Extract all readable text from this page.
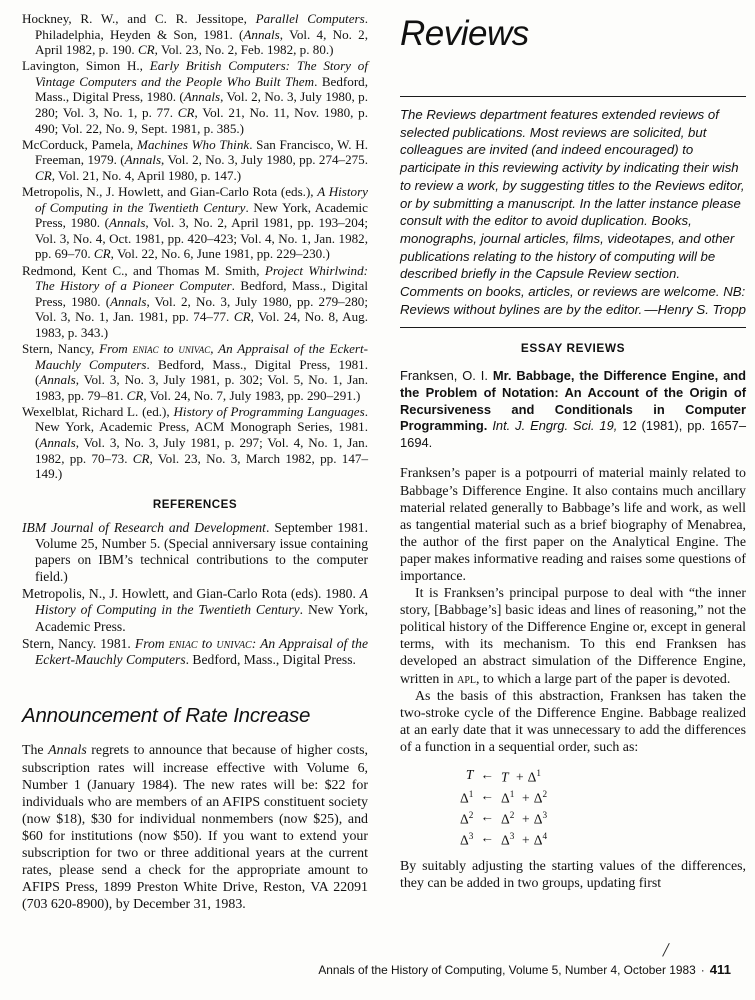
Hockney, R. W., and C. R. Jessitope, Parallel Computers. Philadelphia, Heyden & Son, 1981. (Annals, Vol. 4, No. 2, April 1982, p. 190. CR, Vol. 23, No. 2, Feb. 1982, p. 80.)

Lavington, Simon H., Early British Computers: The Story of Vintage Computers and the People Who Built Them. Bedford, Mass., Digital Press, 1980. (Annals, Vol. 2, No. 3, July 1980, p. 280; Vol. 3, No. 1, p. 77. CR, Vol. 21, No. 11, Nov. 1980, p. 490; Vol. 22, No. 9, Sept. 1981, p. 385.)

McCorduck, Pamela, Machines Who Think. San Francisco, W. H. Freeman, 1979. (Annals, Vol. 2, No. 3, July 1980, pp. 274–275. CR, Vol. 21, No. 4, April 1980, p. 147.)

Metropolis, N., J. Howlett, and Gian-Carlo Rota (eds.), A History of Computing in the Twentieth Century. New York, Academic Press, 1980. (Annals, Vol. 3, No. 2, April 1981, pp. 193–204; Vol. 3, No. 4, Oct. 1981, pp. 420–423; Vol. 4, No. 1, Jan. 1982, pp. 69–70. CR, Vol. 22, No. 6, June 1981, pp. 229–230.)

Redmond, Kent C., and Thomas M. Smith, Project Whirlwind: The History of a Pioneer Computer. Bedford, Mass., Digital Press, 1980. (Annals, Vol. 2, No. 3, July 1980, pp. 279–280; Vol. 3, No. 1, Jan. 1981, pp. 74–77. CR, Vol. 24, No. 8, Aug. 1983, p. 343.)

Stern, Nancy, From eniac to univac, An Appraisal of the Eckert-Mauchly Computers. Bedford, Mass., Digital Press, 1981. (Annals, Vol. 3, No. 3, July 1981, p. 302; Vol. 5, No. 1, Jan. 1983, pp. 79–81. CR, Vol. 24, No. 7, July 1983, pp. 290–291.)

Wexelblat, Richard L. (ed.), History of Programming Languages. New York, Academic Press, ACM Monograph Series, 1981. (Annals, Vol. 3, No. 3, July 1981, p. 297; Vol. 4, No. 1, Jan. 1982, pp. 70–73. CR, Vol. 23, No. 3, March 1982, pp. 147–149.)

REFERENCES

IBM Journal of Research and Development. September 1981. Volume 25, Number 5. (Special anniversary issue containing papers on IBM’s technical contributions to the computer field.)

Metropolis, N., J. Howlett, and Gian-Carlo Rota (eds). 1980. A History of Computing in the Twentieth Century. New York, Academic Press.

Stern, Nancy. 1981. From eniac to univac: An Appraisal of the Eckert-Mauchly Computers. Bedford, Mass., Digital Press.

Announcement of Rate Increase

The Annals regrets to announce that because of higher costs, subscription rates will increase effective with Volume 6, Number 1 (January 1984). The new rates will be: $22 for individuals who are members of an AFIPS constituent society (now $18), $30 for individual nonmembers (now $25), and $60 for institutions (now $50). If you want to extend your subscription for two or three additional years at the current rates, please send a check for the appropriate amount to AFIPS Press, 1899 Preston White Drive, Reston, VA 22091 (703 620-8900), by December 31, 1983.

Reviews

The Reviews department features extended reviews of selected publications. Most reviews are solicited, but colleagues are invited (and indeed encouraged) to participate in this reviewing activity by indicating their wish to review a work, by suggesting titles to the Reviews editor, or by submitting a manuscript. In the latter instance please consult with the editor to avoid duplication. Books, monographs, journal articles, films, videotapes, and other publications relating to the history of computing will be described briefly in the Capsule Review section. Comments on books, articles, or reviews are welcome. NB: Reviews without bylines are by the editor. —Henry S. Tropp

ESSAY REVIEWS

Franksen, O. I. Mr. Babbage, the Difference Engine, and the Problem of Notation: An Account of the Origin of Recursiveness and Conditionals in Computer Programming. Int. J. Engrg. Sci. 19, 12 (1981), pp. 1657–1694.

Franksen’s paper is a potpourri of material mainly related to Babbage’s Difference Engine. It also contains much ancillary material related generally to Babbage’s life and work, as well as tangential material such as a brief biography of Menabrea, the author of the first paper on the Analytical Engine. The paper makes informative reading and raises some questions of importance.

It is Franksen’s principal purpose to deal with “the inner story, [Babbage’s] basic ideas and lines of reasoning,” not the political history of the Difference Engine or, except in general terms, with its mechanism. To this end Franksen has developed an abstract simulation of the Difference Engine, written in apl, to which a large part of the paper is devoted.

As the basis of this abstraction, Franksen has taken the two-stroke cycle of the Difference Engine. Babbage realized at an early date that it was unnecessary to add the differences of a function in a sequential order, such as:

T	←	$T + \Delta^1$
$\Delta^1$	←	$\Delta^1 + \Delta^2$
$\Delta^2$	←	$\Delta^2 + \Delta^3$
$\Delta^3$	←	$\Delta^3 + \Delta^4$

By suitably adjusting the starting values of the differences, they can be added in two groups, updating first

/
Annals of the History of Computing, Volume 5, Number 4, October 1983 · 411
